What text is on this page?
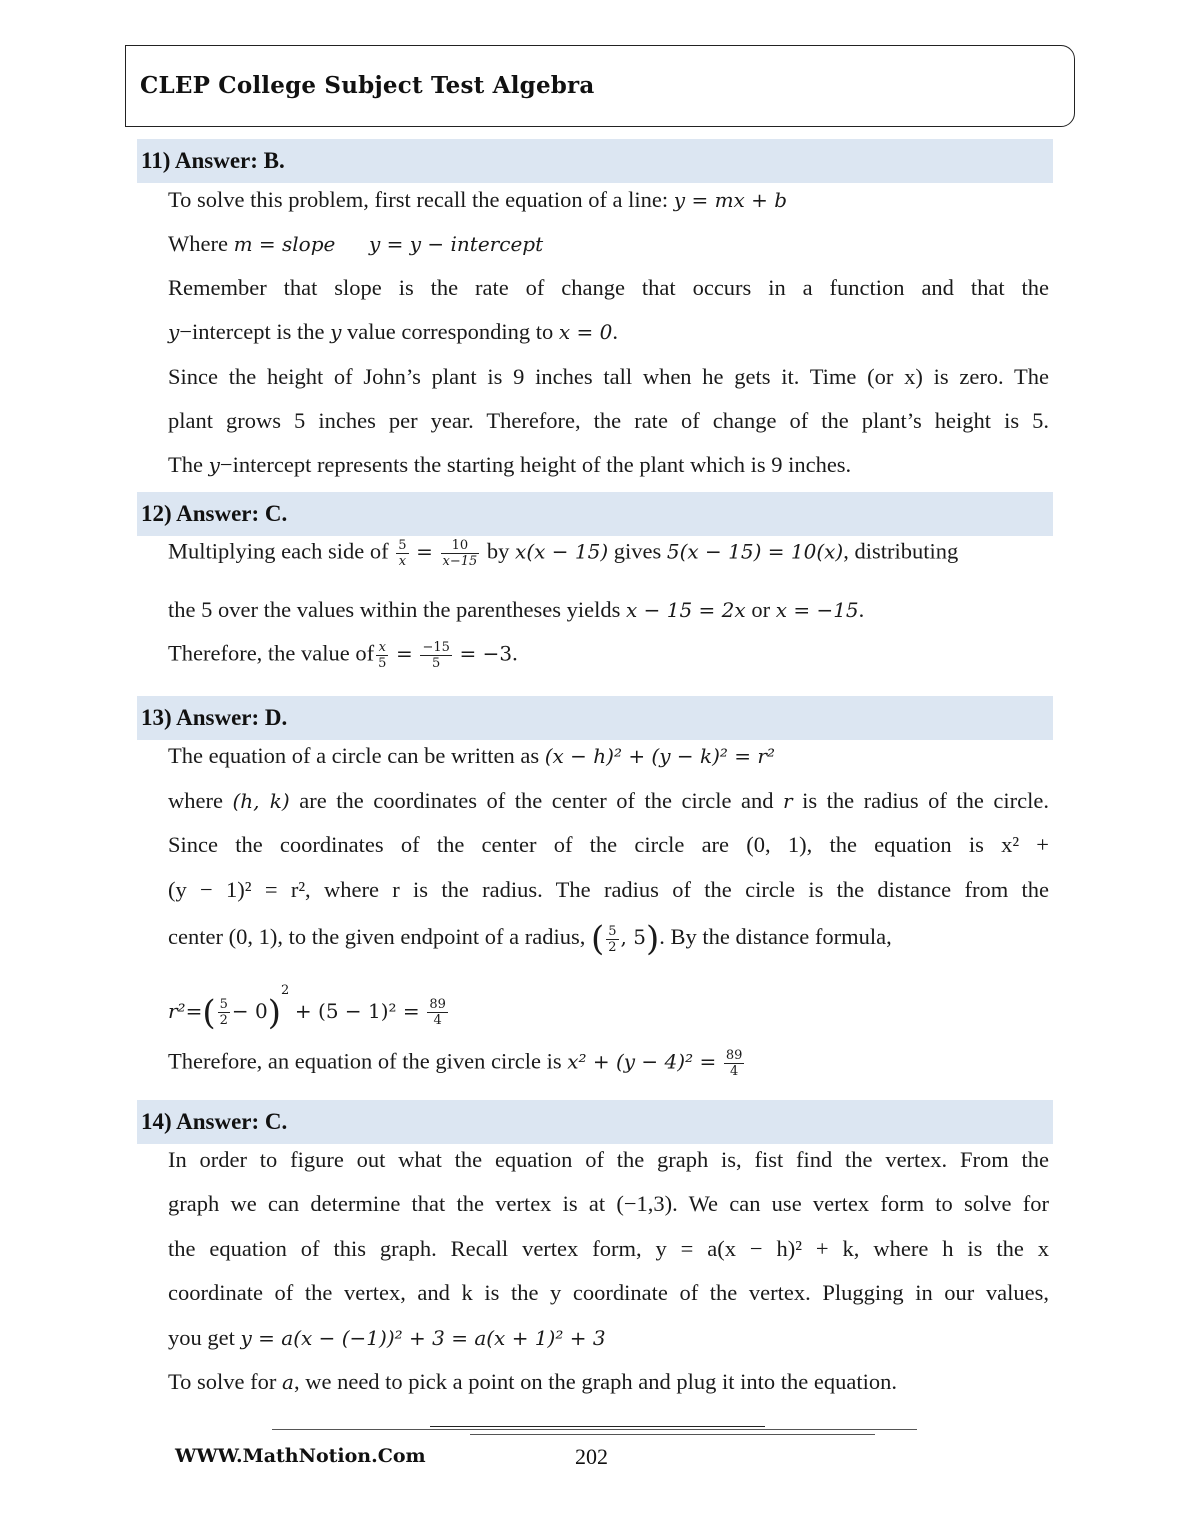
CLEP College Subject Test Algebra
11) Answer: B.
To solve this problem, first recall the equation of a line: y = mx + b
Where m = slope y = y − intercept
Remember that slope is the rate of change that occurs in a function and that the
y−intercept is the y value corresponding to x = 0.
Since the height of John’s plant is 9 inches tall when he gets it. Time (or x) is zero. The
plant grows 5 inches per year. Therefore, the rate of change of the plant’s height is 5.
The y−intercept represents the starting height of the plant which is 9 inches.
12) Answer: C.
Multiplying each side of $\frac{5}{x} = \frac{10}{x-15}$ by x(x − 15) gives 5(x − 15) = 10(x), distributing
the 5 over the values within the parentheses yields x − 15 = 2x or x = −15.
Therefore, the value of $\frac{x}{5} = \frac{-15}{5} = -3$.
13) Answer: D.
The equation of a circle can be written as (x − h)² + (y − k)² = r²
where (h, k) are the coordinates of the center of the circle and r is the radius of the circle.
Since the coordinates of the center of the circle are (0, 1), the equation is x² +
(y − 1)² = r², where r is the radius. The radius of the circle is the distance from the
center (0, 1), to the given endpoint of a radius, ( $\frac{5}{2}$ , 5). By the distance formula,
$r^2=( \frac{5}{2} - 0)^2 + (5 - 1)^2 = \frac{89}{4}$
Therefore, an equation of the given circle is $x^2 + (y - 4)^2 = \frac{89}{4}$
14) Answer: C.
In order to figure out what the equation of the graph is, fist find the vertex. From the
graph we can determine that the vertex is at (−1,3). We can use vertex form to solve for
the equation of this graph. Recall vertex form, y = a(x − h)² + k, where h is the x
coordinate of the vertex, and k is the y coordinate of the vertex. Plugging in our values,
you get y = a(x − (−1))² + 3 = a(x + 1)² + 3
To solve for a, we need to pick a point on the graph and plug it into the equation.
WWW.MathNotion.Com	202
